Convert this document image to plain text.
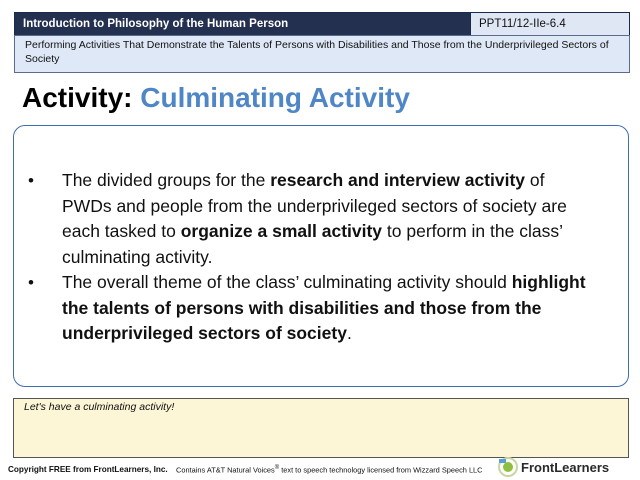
Introduction to Philosophy of the Human Person	PPT11/12-IIe-6.4
Performing Activities That Demonstrate the Talents of Persons with Disabilities and Those from the Underprivileged Sectors of Society
Activity: Culminating Activity
• The divided groups for the research and interview activity of PWDs and people from the underprivileged sectors of society are each tasked to organize a small activity to perform in the class’ culminating activity.
• The overall theme of the class’ culminating activity should highlight the talents of persons with disabilities and those from the underprivileged sectors of society.
Let's have a culminating activity!
Copyright FREE from FrontLearners, Inc. Contains AT&T Natural Voices® text to speech technology licensed from Wizzard Speech LLC	FrontLearners
